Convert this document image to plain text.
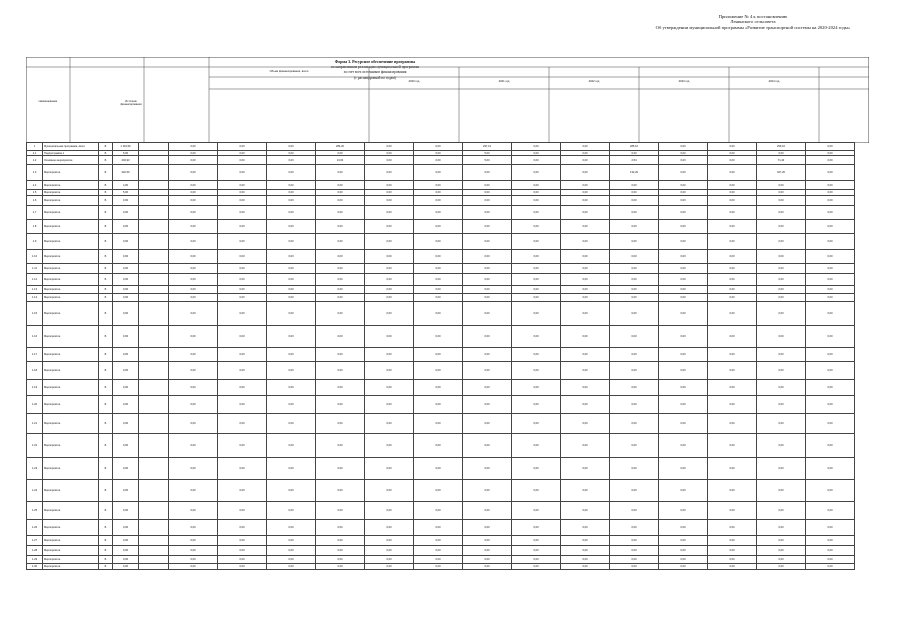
Приложение № 4 к постановлению
Ленинского сельсовета
Об утверждении муниципальной программы «Развитие транспортной системы на 2020-2024 годы»
Форма 3. Ресурсное обеспечение программы
по направлениям реализации муниципальной программы
за счет всех источников финансирования
(с расшифровкой по годам)
Наименование	Источник финансирования
Объем финансирования, всего
2020 год	2021 год	2022 год	2023 год	2024 год
1	Муниципальная программа, всего	Б	1 119,59		0,00	0,00	0,00	284,20	0,00	0,00	297,13	0,00	0,00	285,10	0,00	0,00	253,16	0,00
1.1	Подпрограмма 1	Б	5,00		0,00	0,00	0,00	0,00	0,00	0,00	5,00	0,00	0,00	0,00	0,00	0,00	0,00	0,00
1.2	Основное мероприятие	Б	294,93		0,00	0,00	0,00	13,00	0,00	0,00	5,00	0,00	0,00	2,54	0,00	0,00	71,40	0,00
1.3	Мероприятие	Б	322,60		0,00	0,00	0,00	0,00	0,00	0,00	0,00	0,00	0,00	132,20	0,00	0,00	327,20	0,00
1.4	Мероприятие	Б	4,00		0,00	0,00	0,00	0,00	0,00	0,00	0,00	0,00	0,00	0,00	0,00	0,00	0,00	0,00
1.5	Мероприятие	Б	5,00		0,00	0,00	0,00	0,00	0,00	0,00	0,00	0,00	0,00	0,00	0,00	0,00	0,00	0,00
1.6	Мероприятие	Б	0,00		0,00	0,00	0,00	0,00	0,00	0,00	0,00	0,00	0,00	0,00	0,00	0,00	0,00	0,00
1.7	Мероприятие	Б	0,00		0,00	0,00	0,00	0,00	0,00	0,00	0,00	0,00	0,00	0,00	0,00	0,00	0,00	0,00
1.8	Мероприятие	Б	0,00		0,00	0,00	0,00	0,00	0,00	0,00	0,00	0,00	0,00	0,00	0,00	0,00	0,00	0,00
1.9	Мероприятие	Б	0,00		0,00	0,00	0,00	0,00	0,00	0,00	0,00	0,00	0,00	0,00	0,00	0,00	0,00	0,00
1.10	Мероприятие	Б	0,00		0,00	0,00	0,00	0,00	0,00	0,00	0,00	0,00	0,00	0,00	0,00	0,00	0,00	0,00
1.11	Мероприятие	Б	0,00		0,00	0,00	0,00	0,00	0,00	0,00	0,00	0,00	0,00	0,00	0,00	0,00	0,00	0,00
1.12	Мероприятие	Б	0,00		0,00	0,00	0,00	0,00	0,00	0,00	0,00	0,00	0,00	0,00	0,00	0,00	0,00	0,00
1.13	Мероприятие	Б	0,00		0,00	0,00	0,00	0,00	0,00	0,00	0,00	0,00	0,00	0,00	0,00	0,00	0,00	0,00
1.14	Мероприятие	Б	0,00		0,00	0,00	0,00	0,00	0,00	0,00	0,00	0,00	0,00	0,00	0,00	0,00	0,00	0,00
1.15	Мероприятие	Б	0,00		0,00	0,00	0,00	0,00	0,00	0,00	0,00	0,00	0,00	0,00	0,00	0,00	0,00	0,00
1.16	Мероприятие	Б	0,00		0,00	0,00	0,00	0,00	0,00	0,00	0,00	0,00	0,00	0,00	0,00	0,00	0,00	0,00
1.17	Мероприятие	Б	0,00		0,00	0,00	0,00	0,00	0,00	0,00	0,00	0,00	0,00	0,00	0,00	0,00	0,00	0,00
1.18	Мероприятие	Б	0,00		0,00	0,00	0,00	0,00	0,00	0,00	0,00	0,00	0,00	0,00	0,00	0,00	0,00	0,00
1.19	Мероприятие	Б	0,00		0,00	0,00	0,00	0,00	0,00	0,00	0,00	0,00	0,00	0,00	0,00	0,00	0,00	0,00
1.20	Мероприятие	Б	0,00		0,00	0,00	0,00	0,00	0,00	0,00	0,00	0,00	0,00	0,00	0,00	0,00	0,00	0,00
1.21	Мероприятие	Б	0,00		0,00	0,00	0,00	0,00	0,00	0,00	0,00	0,00	0,00	0,00	0,00	0,00	0,00	0,00
1.22	Мероприятие	Б	0,00		0,00	0,00	0,00	0,00	0,00	0,00	0,00	0,00	0,00	0,00	0,00	0,00	0,00	0,00
1.23	Мероприятие	Б	0,00		0,00	0,00	0,00	0,00	0,00	0,00	0,00	0,00	0,00	0,00	0,00	0,00	0,00	0,00
1.24	Мероприятие	Б	0,00		0,00	0,00	0,00	0,00	0,00	0,00	0,00	0,00	0,00	0,00	0,00	0,00	0,00	0,00
1.25	Мероприятие	Б	0,00		0,00	0,00	0,00	0,00	0,00	0,00	0,00	0,00	0,00	0,00	0,00	0,00	0,00	0,00
1.26	Мероприятие	Б	0,00		0,00	0,00	0,00	0,00	0,00	0,00	0,00	0,00	0,00	0,00	0,00	0,00	0,00	0,00
1.27	Мероприятие	Б	0,00		0,00	0,00	0,00	0,00	0,00	0,00	0,00	0,00	0,00	0,00	0,00	0,00	0,00	0,00
1.28	Мероприятие	Б	0,00		0,00	0,00	0,00	0,00	0,00	0,00	0,00	0,00	0,00	0,00	0,00	0,00	0,00	0,00
1.29	Мероприятие	Б	0,00		0,00	0,00	0,00	0,00	0,00	0,00	0,00	0,00	0,00	0,00	0,00	0,00	0,00	0,00
1.30	Мероприятие	Б	0,00		0,00	0,00	0,00	0,00	0,00	0,00	0,00	0,00	0,00	0,00	0,00	0,00	0,00	0,00
